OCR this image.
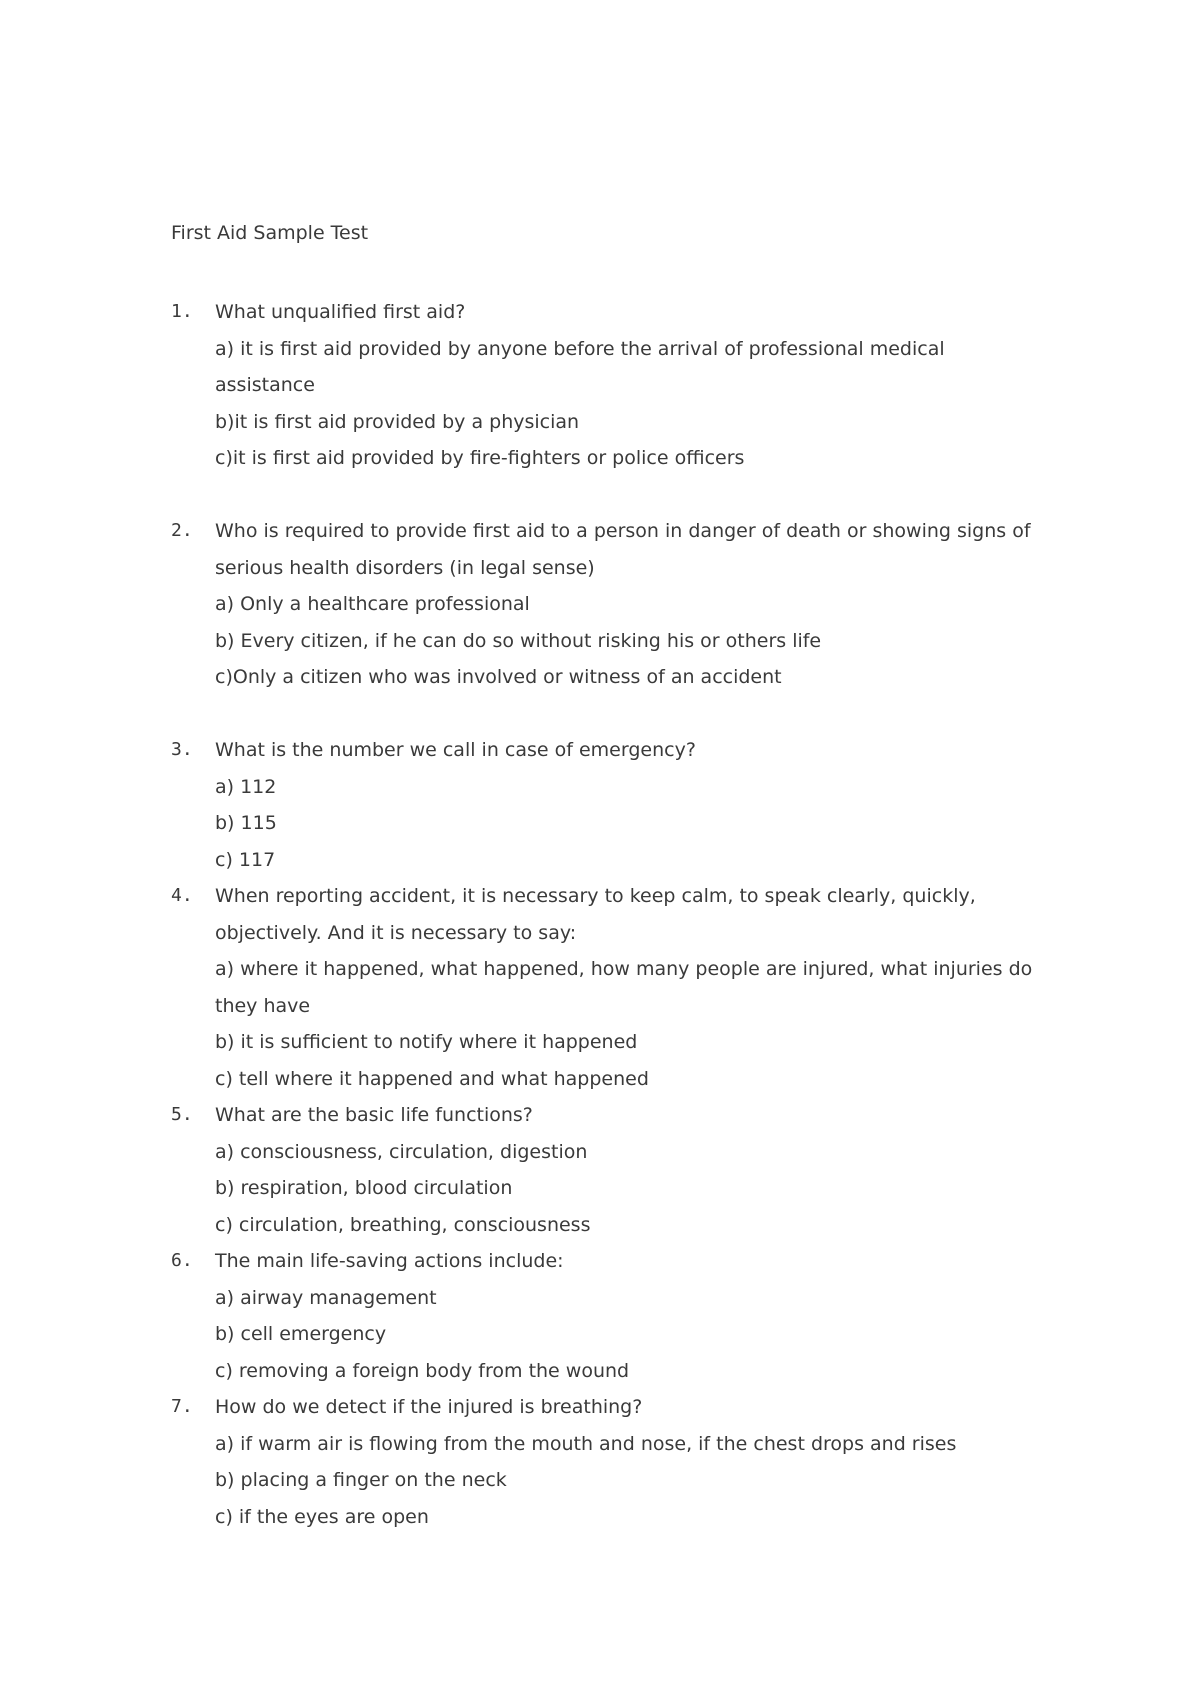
First Aid Sample Test
1.	What unqualified first aid?
a) it is first aid provided by anyone before the arrival of professional medical assistance
b)it is first aid provided by a physician
c)it is first aid provided by fire-fighters or police officers
2.	Who is required to provide first aid to a person in danger of death or showing signs of serious health disorders (in legal sense)
a) Only a healthcare professional
b) Every citizen, if he can do so without risking his or others life
c)Only a citizen who was involved or witness of an accident
3.	What is the number we call in case of emergency?
a) 112
b) 115
c) 117
4.	When reporting accident, it is necessary to keep calm, to speak clearly, quickly, objectively. And it is necessary to say:
a) where it happened, what happened, how many people are injured, what injuries do they have
b) it is sufficient to notify where it happened
c) tell where it happened and what happened
5.	What are the basic life functions?
a) consciousness, circulation, digestion
b) respiration, blood circulation
c) circulation, breathing, consciousness
6.	The main life-saving actions include:
a) airway management
b) cell emergency
c) removing a foreign body from the wound
7.	How do we detect if the injured is breathing?
a) if warm air is flowing from the mouth and nose, if the chest drops and rises
b) placing a finger on the neck
c) if the eyes are open
